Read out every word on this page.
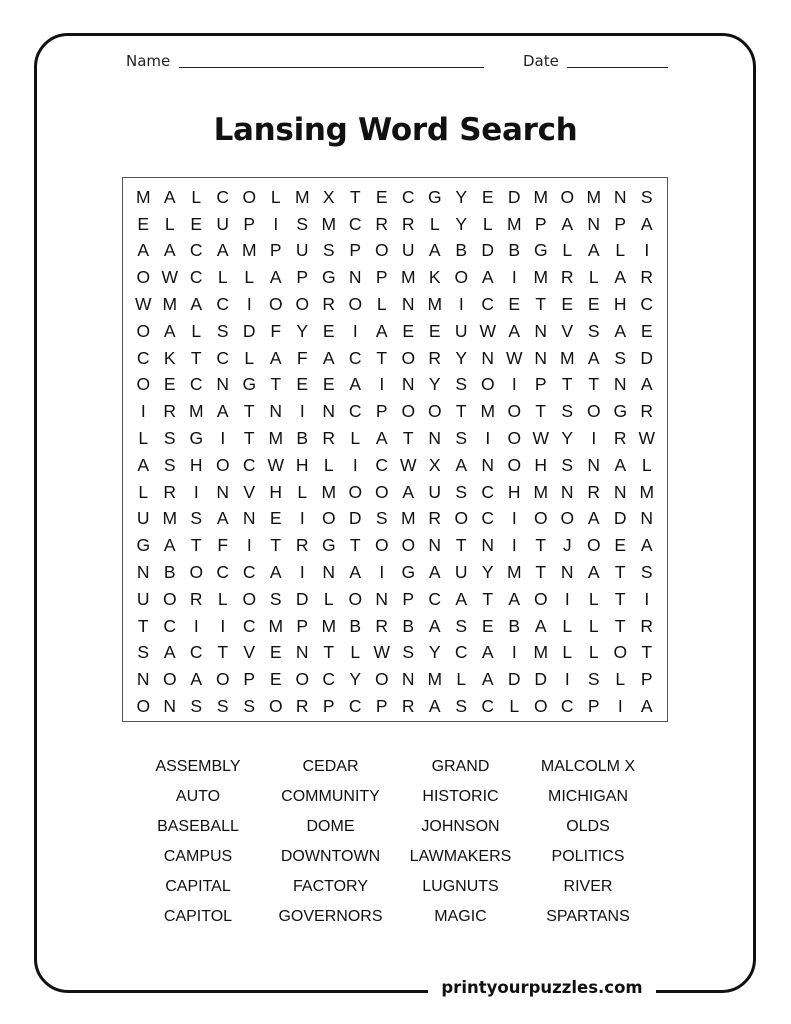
Name	Date
Lansing Word Search
M A L C O L M X T E C G Y E D M O M N S
E L E U P	I	S M C R R L Y L M P A N P A
A A C A M P U S P O U A B D B G L A L	I
O W C L L A P G N P M K O A	I M R L A R
W M A C	I O O R O L N M I	C E T E E H C
O A L S D F Y E	I	A E E U W A N V S A E
C K T C L A F A C T O R Y N W N M A S D
O E C N G T E E A	I	N Y S O I	P T T N A
I	R M A T N	I	N C P O O T M O T S O G R
L S G I	T M B R L A T N S	I O W Y	I	R W
A S H O C W H L	I	C W X A N O H S N A L
L R	I	N V H L M O O A U S C H M N R N M
U M S A N E	I O D S M R O C	I O O A D N
G A T F	I	T R G T O O N T N	I	T J O E A
N B O C C A	I	N A	I G A U Y M T N A T S
U O R L O S D L O N P C A T A O I	L T	I
T C	I	I	C M P M B R B A S E B A L L T R
S A C T V E N T L W S Y C A	I M L L O T
N O A O P E O C Y O N M L A D D	I	S L P
O N S S S O R P C P R A S C L O C P	I	A
ASSEMBLY	CEDAR	GRAND	MALCOLM X
AUTO	COMMUNITY	HISTORIC	MICHIGAN
BASEBALL	DOME	JOHNSON	OLDS
CAMPUS	DOWNTOWN	LAWMAKERS	POLITICS
CAPITAL	FACTORY	LUGNUTS	RIVER
CAPITOL	GOVERNORS	MAGIC	SPARTANS
printyourpuzzles.com
